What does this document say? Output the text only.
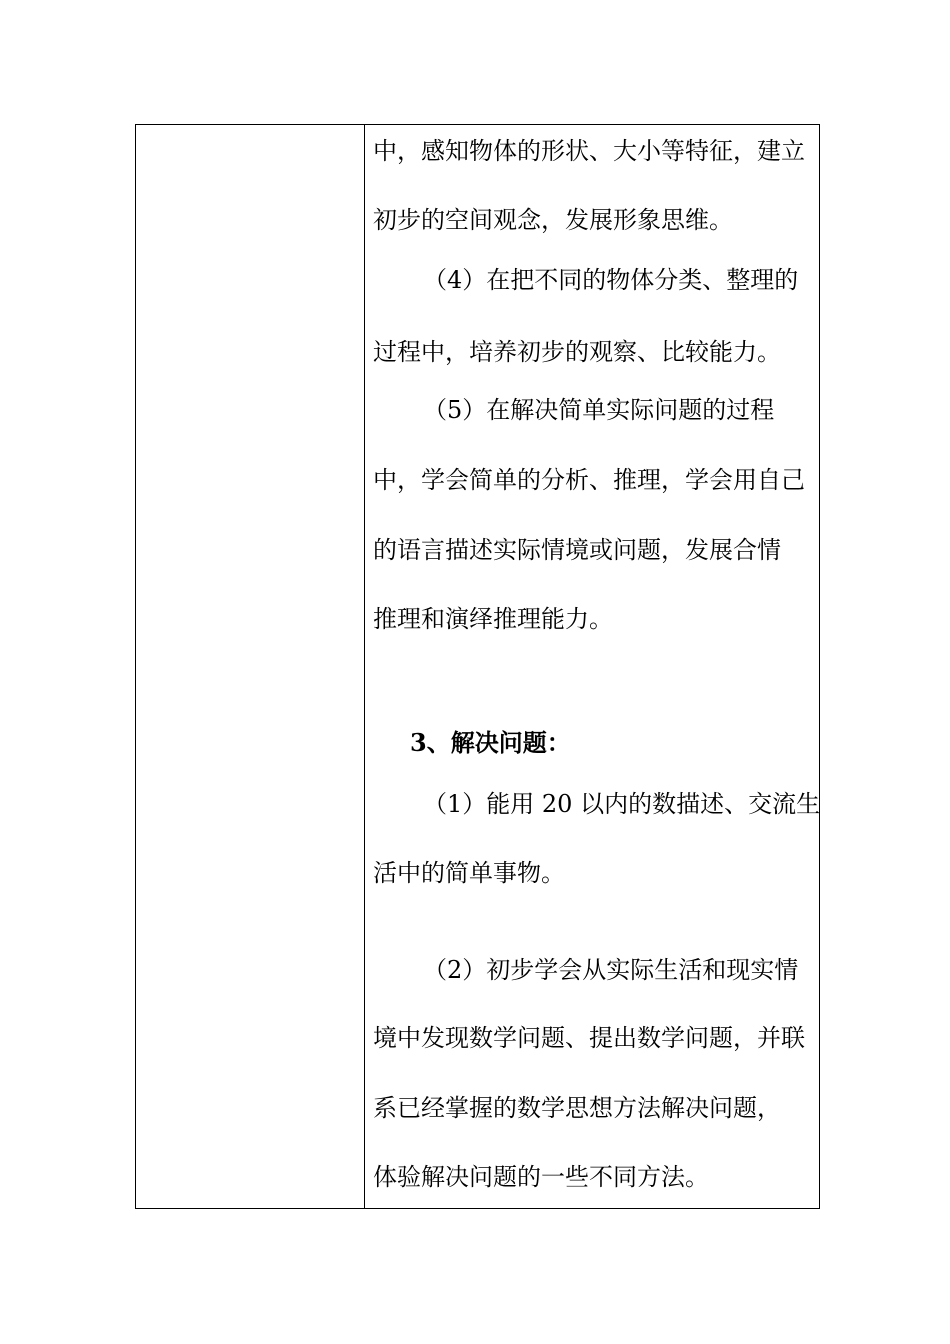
中，感知物体的形状、大小等特征，建立
初步的空间观念，发展形象思维。
（4）在把不同的物体分类、整理的
过程中，培养初步的观察、比较能力。
（5）在解决简单实际问题的过程
中，学会简单的分析、推理，学会用自己
的语言描述实际情境或问题，发展合情
推理和演绎推理能力。
3、解决问题：
（1）能用 20 以内的数描述、交流生
活中的简单事物。
（2）初步学会从实际生活和现实情
境中发现数学问题、提出数学问题，并联
系已经掌握的数学思想方法解决问题，
体验解决问题的一些不同方法。
